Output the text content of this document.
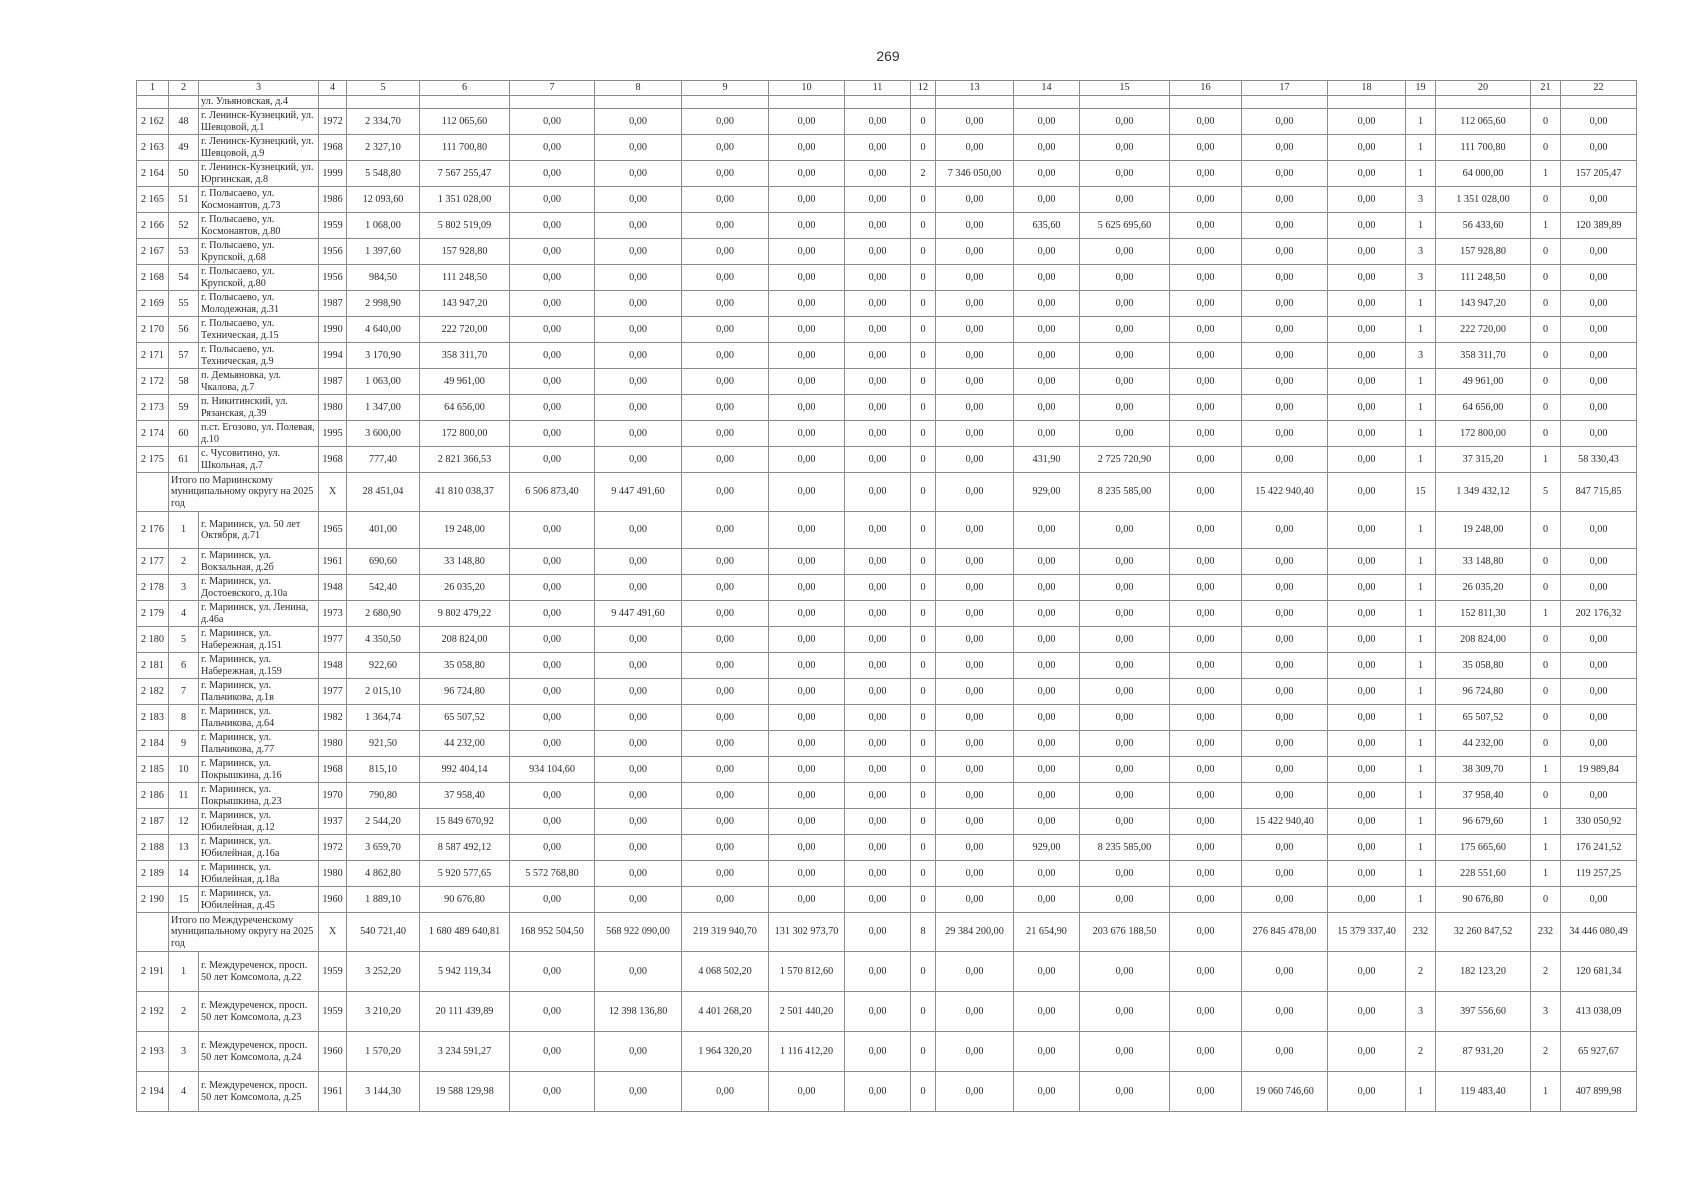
269
1	2	3	4	5	6	7	8	9	10	11	12	13	14	15	16	17	18	19	20	21	22
		ул. Ульяновская, д.4																			
2 162	48	г. Ленинск-Кузнецкий, ул. Шевцовой, д.1	1972	2 334,70	112 065,60	0,00	0,00	0,00	0,00	0,00	0	0,00	0,00	0,00	0,00	0,00	0,00	1	112 065,60	0	0,00
2 163	49	г. Ленинск-Кузнецкий, ул. Шевцовой, д.9	1968	2 327,10	111 700,80	0,00	0,00	0,00	0,00	0,00	0	0,00	0,00	0,00	0,00	0,00	0,00	1	111 700,80	0	0,00
2 164	50	г. Ленинск-Кузнецкий, ул. Юргинская, д.8	1999	5 548,80	7 567 255,47	0,00	0,00	0,00	0,00	0,00	2	7 346 050,00	0,00	0,00	0,00	0,00	0,00	1	64 000,00	1	157 205,47
2 165	51	г. Полысаево, ул. Космонавтов, д.73	1986	12 093,60	1 351 028,00	0,00	0,00	0,00	0,00	0,00	0	0,00	0,00	0,00	0,00	0,00	0,00	3	1 351 028,00	0	0,00
2 166	52	г. Полысаево, ул. Космонавтов, д.80	1959	1 068,00	5 802 519,09	0,00	0,00	0,00	0,00	0,00	0	0,00	635,60	5 625 695,60	0,00	0,00	0,00	1	56 433,60	1	120 389,89
2 167	53	г. Полысаево, ул. Крупской, д.68	1956	1 397,60	157 928,80	0,00	0,00	0,00	0,00	0,00	0	0,00	0,00	0,00	0,00	0,00	0,00	3	157 928,80	0	0,00
2 168	54	г. Полысаево, ул. Крупской, д.80	1956	984,50	111 248,50	0,00	0,00	0,00	0,00	0,00	0	0,00	0,00	0,00	0,00	0,00	0,00	3	111 248,50	0	0,00
2 169	55	г. Полысаево, ул. Молодежная, д.31	1987	2 998,90	143 947,20	0,00	0,00	0,00	0,00	0,00	0	0,00	0,00	0,00	0,00	0,00	0,00	1	143 947,20	0	0,00
2 170	56	г. Полысаево, ул. Техническая, д.15	1990	4 640,00	222 720,00	0,00	0,00	0,00	0,00	0,00	0	0,00	0,00	0,00	0,00	0,00	0,00	1	222 720,00	0	0,00
2 171	57	г. Полысаево, ул. Техническая, д.9	1994	3 170,90	358 311,70	0,00	0,00	0,00	0,00	0,00	0	0,00	0,00	0,00	0,00	0,00	0,00	3	358 311,70	0	0,00
2 172	58	п. Демьяновка, ул. Чкалова, д.7	1987	1 063,00	49 961,00	0,00	0,00	0,00	0,00	0,00	0	0,00	0,00	0,00	0,00	0,00	0,00	1	49 961,00	0	0,00
2 173	59	п. Никитинский, ул. Рязанская, д.39	1980	1 347,00	64 656,00	0,00	0,00	0,00	0,00	0,00	0	0,00	0,00	0,00	0,00	0,00	0,00	1	64 656,00	0	0,00
2 174	60	п.ст. Егозово, ул. Полевая, д.10	1995	3 600,00	172 800,00	0,00	0,00	0,00	0,00	0,00	0	0,00	0,00	0,00	0,00	0,00	0,00	1	172 800,00	0	0,00
2 175	61	с. Чусовитино, ул. Школьная, д.7	1968	777,40	2 821 366,53	0,00	0,00	0,00	0,00	0,00	0	0,00	431,90	2 725 720,90	0,00	0,00	0,00	1	37 315,20	1	58 330,43
	Итого по Мариинскому муниципальному округу на 2025 год		X	28 451,04	41 810 038,37	6 506 873,40	9 447 491,60	0,00	0,00	0,00	0	0,00	929,00	8 235 585,00	0,00	15 422 940,40	0,00	15	1 349 432,12	5	847 715,85
2 176	1	г. Мариинск, ул. 50 лет Октября, д.71	1965	401,00	19 248,00	0,00	0,00	0,00	0,00	0,00	0	0,00	0,00	0,00	0,00	0,00	0,00	1	19 248,00	0	0,00
2 177	2	г. Мариинск, ул. Вокзальная, д.2б	1961	690,60	33 148,80	0,00	0,00	0,00	0,00	0,00	0	0,00	0,00	0,00	0,00	0,00	0,00	1	33 148,80	0	0,00
2 178	3	г. Мариинск, ул. Достоевского, д.10а	1948	542,40	26 035,20	0,00	0,00	0,00	0,00	0,00	0	0,00	0,00	0,00	0,00	0,00	0,00	1	26 035,20	0	0,00
2 179	4	г. Мариинск, ул. Ленина, д.46а	1973	2 680,90	9 802 479,22	0,00	9 447 491,60	0,00	0,00	0,00	0	0,00	0,00	0,00	0,00	0,00	0,00	1	152 811,30	1	202 176,32
2 180	5	г. Мариинск, ул. Набережная, д.151	1977	4 350,50	208 824,00	0,00	0,00	0,00	0,00	0,00	0	0,00	0,00	0,00	0,00	0,00	0,00	1	208 824,00	0	0,00
2 181	6	г. Мариинск, ул. Набережная, д.159	1948	922,60	35 058,80	0,00	0,00	0,00	0,00	0,00	0	0,00	0,00	0,00	0,00	0,00	0,00	1	35 058,80	0	0,00
2 182	7	г. Мариинск, ул. Пальчикова, д.1в	1977	2 015,10	96 724,80	0,00	0,00	0,00	0,00	0,00	0	0,00	0,00	0,00	0,00	0,00	0,00	1	96 724,80	0	0,00
2 183	8	г. Мариинск, ул. Пальчикова, д.64	1982	1 364,74	65 507,52	0,00	0,00	0,00	0,00	0,00	0	0,00	0,00	0,00	0,00	0,00	0,00	1	65 507,52	0	0,00
2 184	9	г. Мариинск, ул. Пальчикова, д.77	1980	921,50	44 232,00	0,00	0,00	0,00	0,00	0,00	0	0,00	0,00	0,00	0,00	0,00	0,00	1	44 232,00	0	0,00
2 185	10	г. Мариинск, ул. Покрышкина, д.16	1968	815,10	992 404,14	934 104,60	0,00	0,00	0,00	0,00	0	0,00	0,00	0,00	0,00	0,00	0,00	1	38 309,70	1	19 989,84
2 186	11	г. Мариинск, ул. Покрышкина, д.23	1970	790,80	37 958,40	0,00	0,00	0,00	0,00	0,00	0	0,00	0,00	0,00	0,00	0,00	0,00	1	37 958,40	0	0,00
2 187	12	г. Мариинск, ул. Юбилейная, д.12	1937	2 544,20	15 849 670,92	0,00	0,00	0,00	0,00	0,00	0	0,00	0,00	0,00	0,00	15 422 940,40	0,00	1	96 679,60	1	330 050,92
2 188	13	г. Мариинск, ул. Юбилейная, д.16а	1972	3 659,70	8 587 492,12	0,00	0,00	0,00	0,00	0,00	0	0,00	929,00	8 235 585,00	0,00	0,00	0,00	1	175 665,60	1	176 241,52
2 189	14	г. Мариинск, ул. Юбилейная, д.18а	1980	4 862,80	5 920 577,65	5 572 768,80	0,00	0,00	0,00	0,00	0	0,00	0,00	0,00	0,00	0,00	0,00	1	228 551,60	1	119 257,25
2 190	15	г. Мариинск, ул. Юбилейная, д.45	1960	1 889,10	90 676,80	0,00	0,00	0,00	0,00	0,00	0	0,00	0,00	0,00	0,00	0,00	0,00	1	90 676,80	0	0,00
	Итого по Междуреченскому муниципальному округу на 2025 год		X	540 721,40	1 680 489 640,81	168 952 504,50	568 922 090,00	219 319 940,70	131 302 973,70	0,00	8	29 384 200,00	21 654,90	203 676 188,50	0,00	276 845 478,00	15 379 337,40	232	32 260 847,52	232	34 446 080,49
2 191	1	г. Междуреченск, просп. 50 лет Комсомола, д.22	1959	3 252,20	5 942 119,34	0,00	0,00	4 068 502,20	1 570 812,60	0,00	0	0,00	0,00	0,00	0,00	0,00	0,00	2	182 123,20	2	120 681,34
2 192	2	г. Междуреченск, просп. 50 лет Комсомола, д.23	1959	3 210,20	20 111 439,89	0,00	12 398 136,80	4 401 268,20	2 501 440,20	0,00	0	0,00	0,00	0,00	0,00	0,00	0,00	3	397 556,60	3	413 038,09
2 193	3	г. Междуреченск, просп. 50 лет Комсомола, д.24	1960	1 570,20	3 234 591,27	0,00	0,00	1 964 320,20	1 116 412,20	0,00	0	0,00	0,00	0,00	0,00	0,00	0,00	2	87 931,20	2	65 927,67
2 194	4	г. Междуреченск, просп. 50 лет Комсомола, д.25	1961	3 144,30	19 588 129,98	0,00	0,00	0,00	0,00	0,00	0	0,00	0,00	0,00	0,00	19 060 746,60	0,00	1	119 483,40	1	407 899,98
